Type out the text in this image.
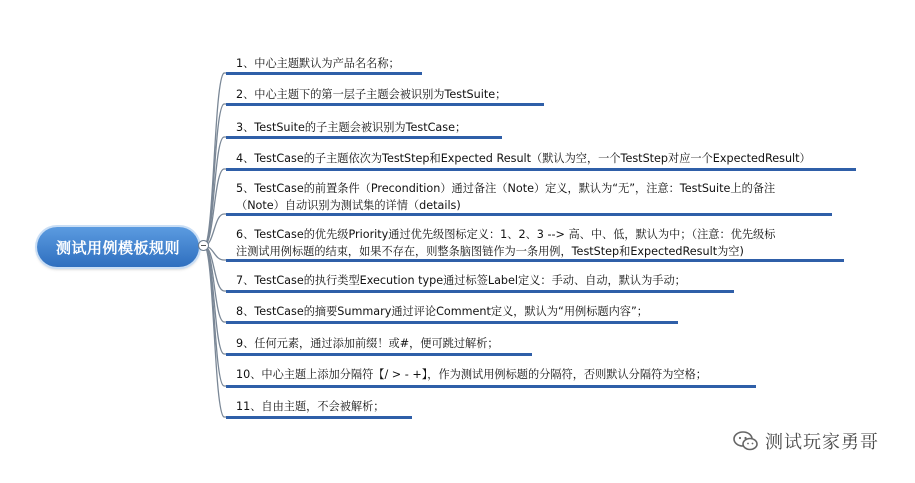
测试用例模板规则
1、中心主题默认为产品名名称；
2、中心主题下的第一层子主题会被识别为TestSuite；
3、TestSuite的子主题会被识别为TestCase；
4、TestCase的子主题依次为TestStep和Expected Result（默认为空，一个TestStep对应一个ExpectedResult）
5、TestCase的前置条件（Precondition）通过备注（Note）定义，默认为“无”，注意：TestSuite上的备注
（Note）自动识别为测试集的详情（details)
6、TestCase的优先级Priority通过优先级图标定义：1、2、3 --> 高、中、低，默认为中；（注意：优先级标
注测试用例标题的结束，如果不存在，则整条脑图链作为一条用例，TestStep和ExpectedResult为空)
7、TestCase的执行类型Execution type通过标签Label定义：手动、自动，默认为手动；
8、TestCase的摘要Summary通过评论Comment定义，默认为“用例标题内容”；
9、任何元素，通过添加前缀！或#，便可跳过解析；
10、中心主题上添加分隔符【/ > - +】，作为测试用例标题的分隔符，否则默认分隔符为空格；
11、自由主题，不会被解析；
测试玩家勇哥
